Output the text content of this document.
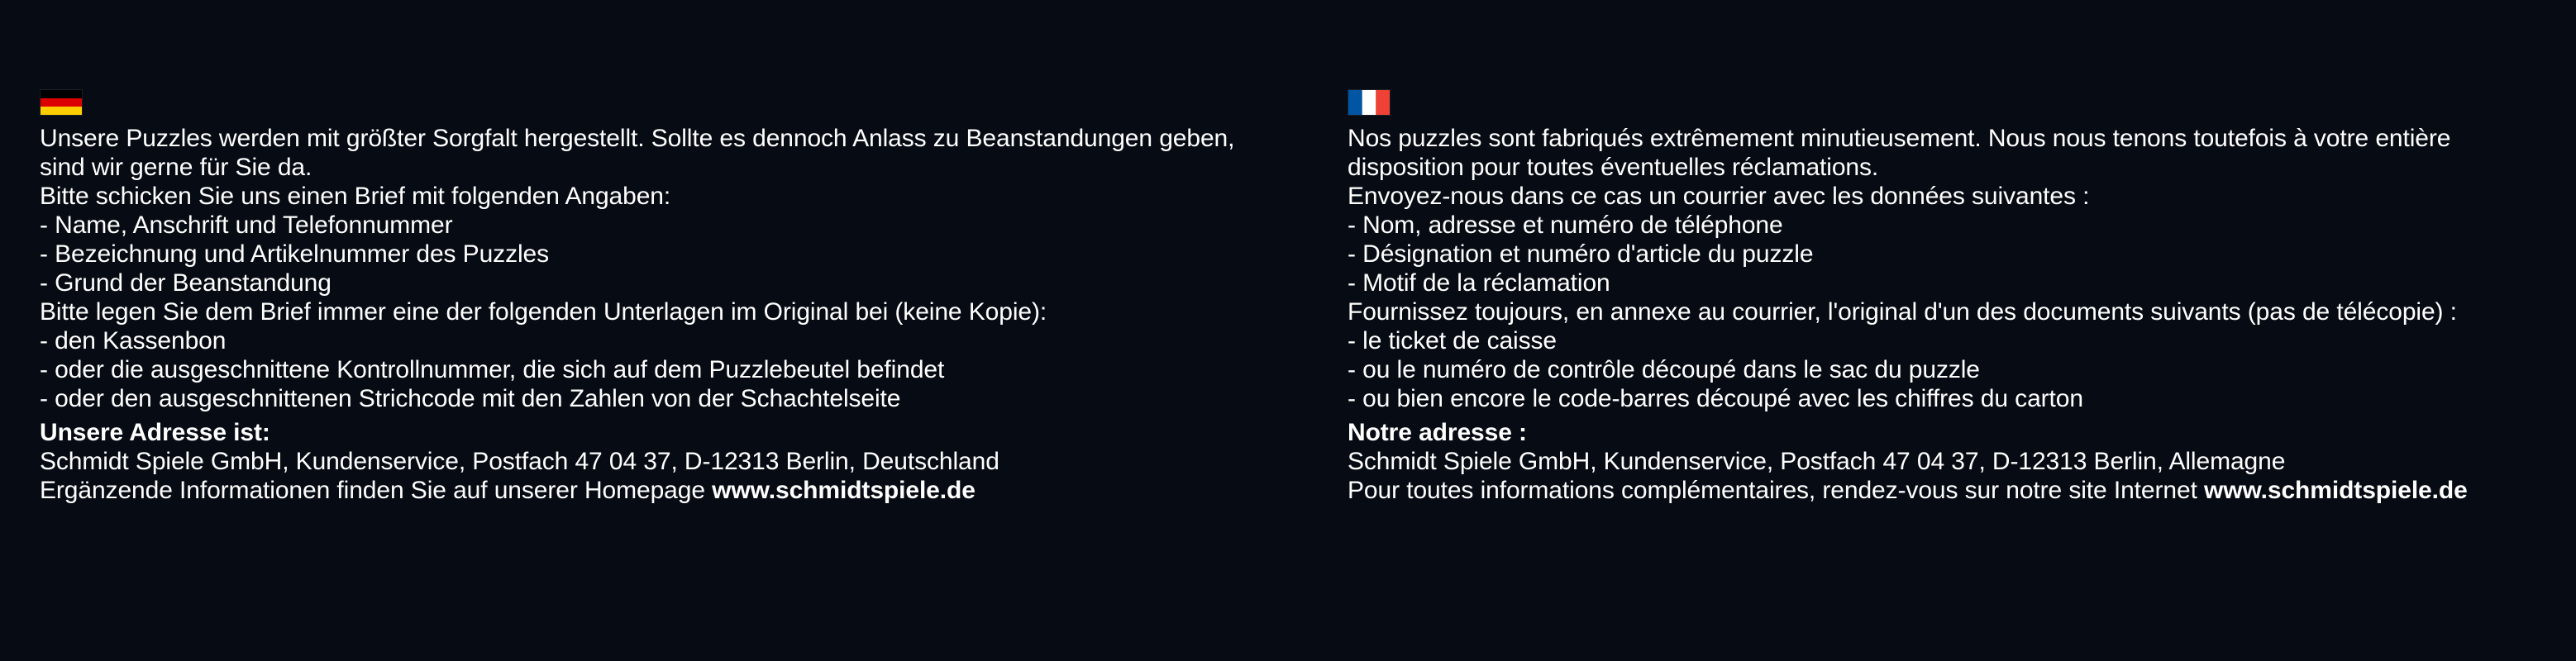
Unsere Puzzles werden mit größter Sorgfalt hergestellt. Sollte es dennoch Anlass zu Beanstandungen geben, sind wir gerne für Sie da.
Bitte schicken Sie uns einen Brief mit folgenden Angaben:
- Name, Anschrift und Telefonnummer
- Bezeichnung und Artikelnummer des Puzzles
- Grund der Beanstandung
Bitte legen Sie dem Brief immer eine der folgenden Unterlagen im Original bei (keine Kopie):
- den Kassenbon
- oder die ausgeschnittene Kontrollnummer, die sich auf dem Puzzlebeutel befindet
- oder den ausgeschnittenen Strichcode mit den Zahlen von der Schachtelseite
Unsere Adresse ist:
Schmidt Spiele GmbH, Kundenservice, Postfach 47 04 37, D-12313 Berlin, Deutschland
Ergänzende Informationen finden Sie auf unserer Homepage www.schmidtspiele.de
Nos puzzles sont fabriqués extrêmement minutieusement. Nous nous tenons toutefois à votre entière disposition pour toutes éventuelles réclamations.
Envoyez-nous dans ce cas un courrier avec les données suivantes :
- Nom, adresse et numéro de téléphone
- Désignation et numéro d'article du puzzle
- Motif de la réclamation
Fournissez toujours, en annexe au courrier, l'original d'un des documents suivants (pas de télécopie) :
- le ticket de caisse
- ou le numéro de contrôle découpé dans le sac du puzzle
- ou bien encore le code-barres découpé avec les chiffres du carton
Notre adresse :
Schmidt Spiele GmbH, Kundenservice, Postfach 47 04 37, D-12313 Berlin, Allemagne
Pour toutes informations complémentaires, rendez-vous sur notre site Internet www.schmidtspiele.de
